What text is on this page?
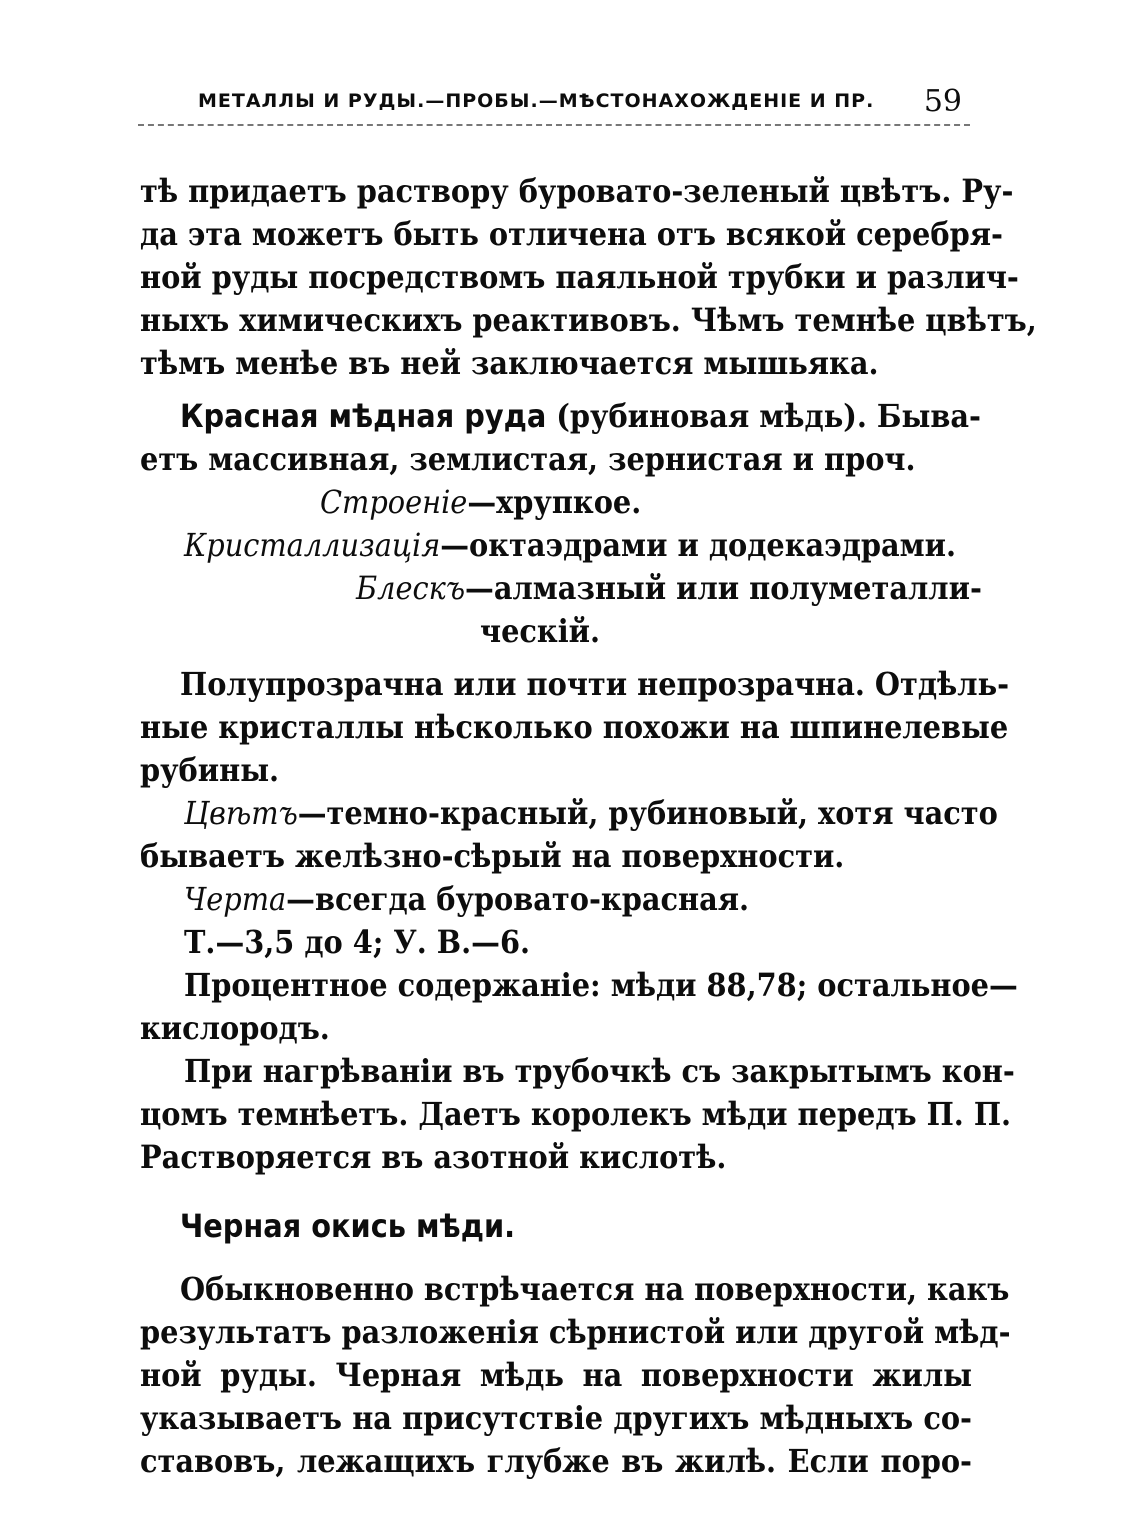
МЕТАЛЛЫ И РУДЫ.—ПРОБЫ.—МѢСТОНАХОЖДЕНІЕ И ПР. 59
тѣ придаетъ раствору буровато-зеленый цвѣтъ. Ру-
да эта можетъ быть отличена отъ всякой серебря-
ной руды посредствомъ паяльной трубки и различ-
ныхъ химическихъ реактивовъ. Чѣмъ темнѣе цвѣтъ,
тѣмъ менѣе въ ней заключается мышьяка.
Красная мѣдная руда (рубиновая мѣдь). Быва-
етъ массивная, землистая, зернистая и проч.
Строеніе—хрупкое.
Кристаллизація—октаэдрами и додекаэдрами.
Блескъ—алмазный или полуметалли-
ческій.
Полупрозрачна или почти непрозрачна. Отдѣль-
ные кристаллы нѣсколько похожи на шпинелевые
рубины.
Цвѣтъ—темно-красный, рубиновый, хотя часто
бываетъ желѣзно-сѣрый на поверхности.
Черта—всегда буровато-красная.
Т.—3,5 до 4; У. В.—6.
Процентное содержаніе: мѣди 88,78; остальное—
кислородъ.
При нагрѣваніи въ трубочкѣ съ закрытымъ кон-
цомъ темнѣетъ. Даетъ королекъ мѣди передъ П. П.
Растворяется въ азотной кислотѣ.
Черная окись мѣди.
Обыкновенно встрѣчается на поверхности, какъ
результатъ разложенія сѣрнистой или другой мѣд-
ной руды. Черная мѣдь на поверхности жилы
указываетъ на присутствіе другихъ мѣдныхъ со-
ставовъ, лежащихъ глубже въ жилѣ. Если поро-
